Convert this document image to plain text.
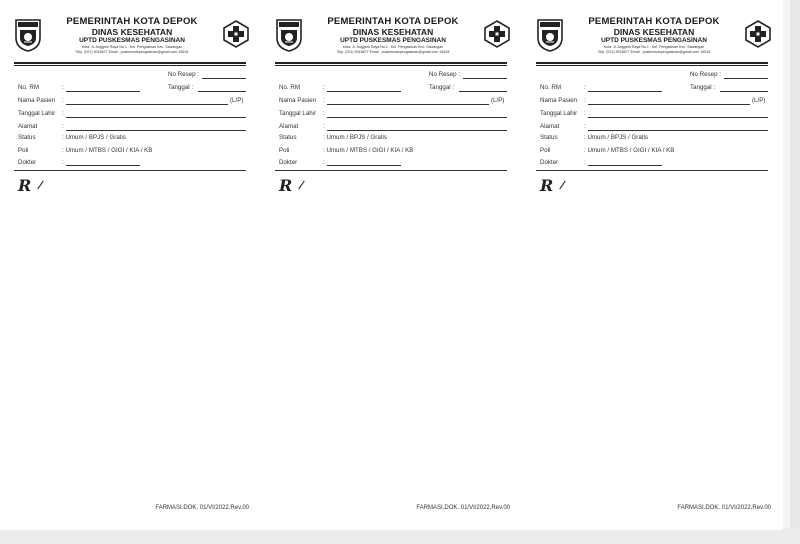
PEMERINTAH KOTA DEPOK
DINAS KESEHATAN
UPTD PUSKESMAS PENGASINAN
Kota: Jl. Anggrek Raya No.1 , Kel. Pengasinan Kec. Sawangan
Telp. (021) 9018677 Email : puskesmaspengasinan@gmail.com 16518
No Resep :
No. RM	:	Tanggal :
Nama Pasien :	(L/P)
Tanggal Lahir :
Alamat	:
Status	: Umum / BPJS / Gratis
Poli	: Umum / MTBS / GIGI / KIA / KB
Dokter	:
R
FARMASI.DOK. 01/VI/2022,Rev.00
PEMERINTAH KOTA DEPOK
DINAS KESEHATAN
UPTD PUSKESMAS PENGASINAN
Kota: Jl. Anggrek Raya No.1 , Kel. Pengasinan Kec. Sawangan
Telp. (021) 9018677 Email : puskesmaspengasinan@gmail.com 16518
No Resep :
No. RM	:	Tanggal :
Nama Pasien :	(L/P)
Tanggal Lahir :
Alamat	:
Status	: Umum / BPJS / Gratis
Poli	: Umum / MTBS / GIGI / KIA / KB
Dokter	:
R
FARMASI.DOK. 01/VI/2022,Rev.00
PEMERINTAH KOTA DEPOK
DINAS KESEHATAN
UPTD PUSKESMAS PENGASINAN
Kota: Jl. Anggrek Raya No.1 , Kel. Pengasinan Kec. Sawangan
Telp. (021) 9018677 Email : puskesmaspengasinan@gmail.com 16518
No Resep :
No. RM	:	Tanggal :
Nama Pasien :	(L/P)
Tanggal Lahir :
Alamat	:
Status	: Umum / BPJS / Gratis
Poli	: Umum / MTBS / GIGI / KIA / KB
Dokter	:
R
FARMASI.DOK. 01/VI/2022,Rev.00
